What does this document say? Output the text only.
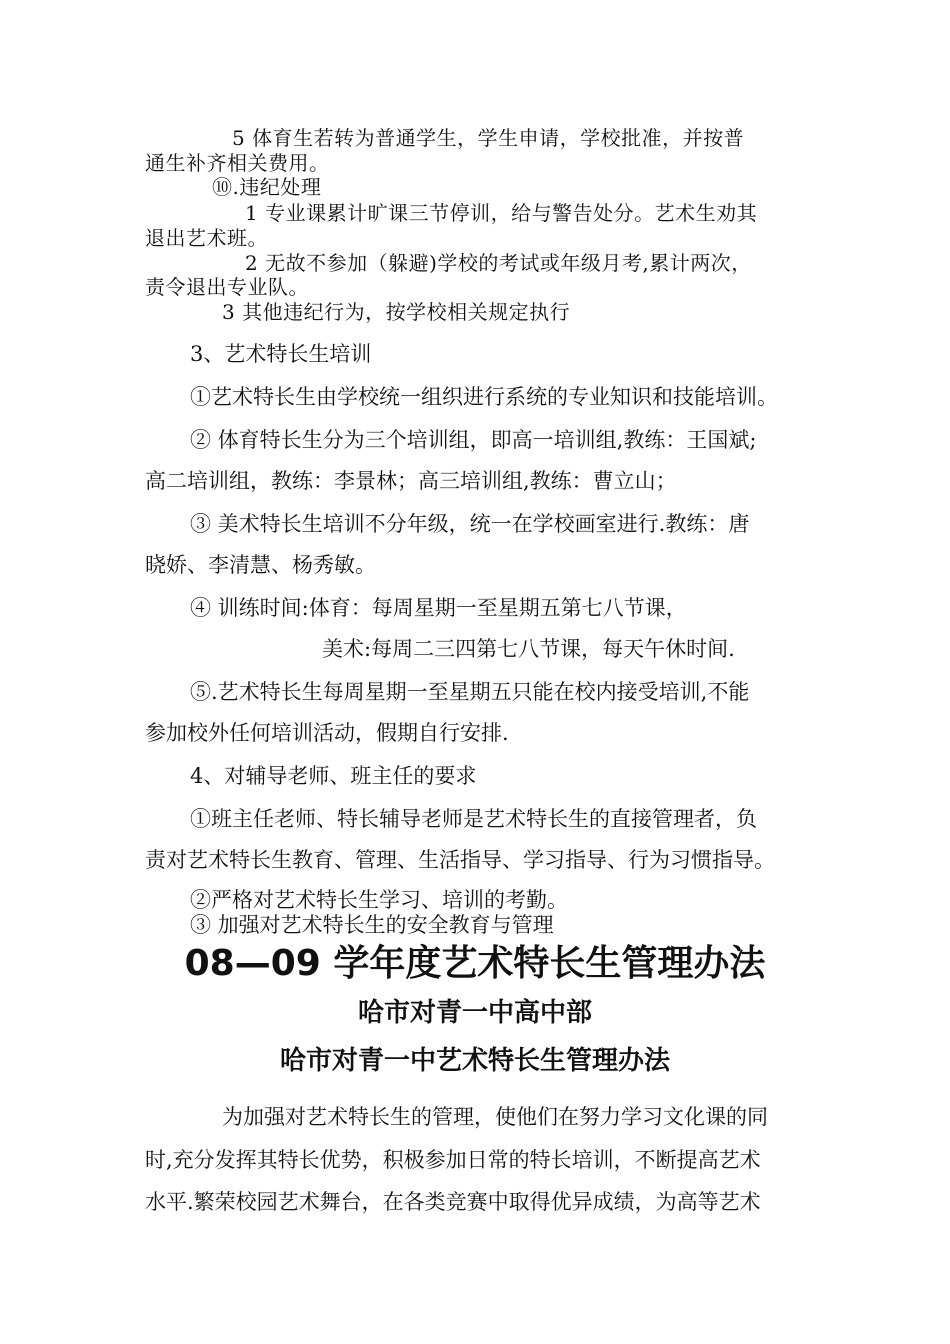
5 体育生若转为普通学生，学生申请，学校批准，并按普
通生补齐相关费用。
⑩.违纪处理
1 专业课累计旷课三节停训，给与警告处分。艺术生劝其
退出艺术班。
2 无故不参加（躲避)学校的考试或年级月考,累计两次，
责令退出专业队。
3 其他违纪行为，按学校相关规定执行
3、艺术特长生培训
①艺术特长生由学校统一组织进行系统的专业知识和技能培训。
② 体育特长生分为三个培训组，即高一培训组,教练：王国斌;
高二培训组，教练：李景林；高三培训组,教练：曹立山；
③ 美术特长生培训不分年级，统一在学校画室进行.教练：唐
晓娇、李清慧、杨秀敏。
④ 训练时间:体育：每周星期一至星期五第七八节课，
美术:每周二三四第七八节课，每天午休时间.
⑤.艺术特长生每周星期一至星期五只能在校内接受培训,不能
参加校外任何培训活动，假期自行安排.
4、对辅导老师、班主任的要求
①班主任老师、特长辅导老师是艺术特长生的直接管理者，负
责对艺术特长生教育、管理、生活指导、学习指导、行为习惯指导。
②严格对艺术特长生学习、培训的考勤。
③ 加强对艺术特长生的安全教育与管理
08—09 学年度艺术特长生管理办法
哈市对青一中高中部
哈市对青一中艺术特长生管理办法
为加强对艺术特长生的管理，使他们在努力学习文化课的同
时,充分发挥其特长优势，积极参加日常的特长培训，不断提高艺术
水平.繁荣校园艺术舞台，在各类竞赛中取得优异成绩，为高等艺术
